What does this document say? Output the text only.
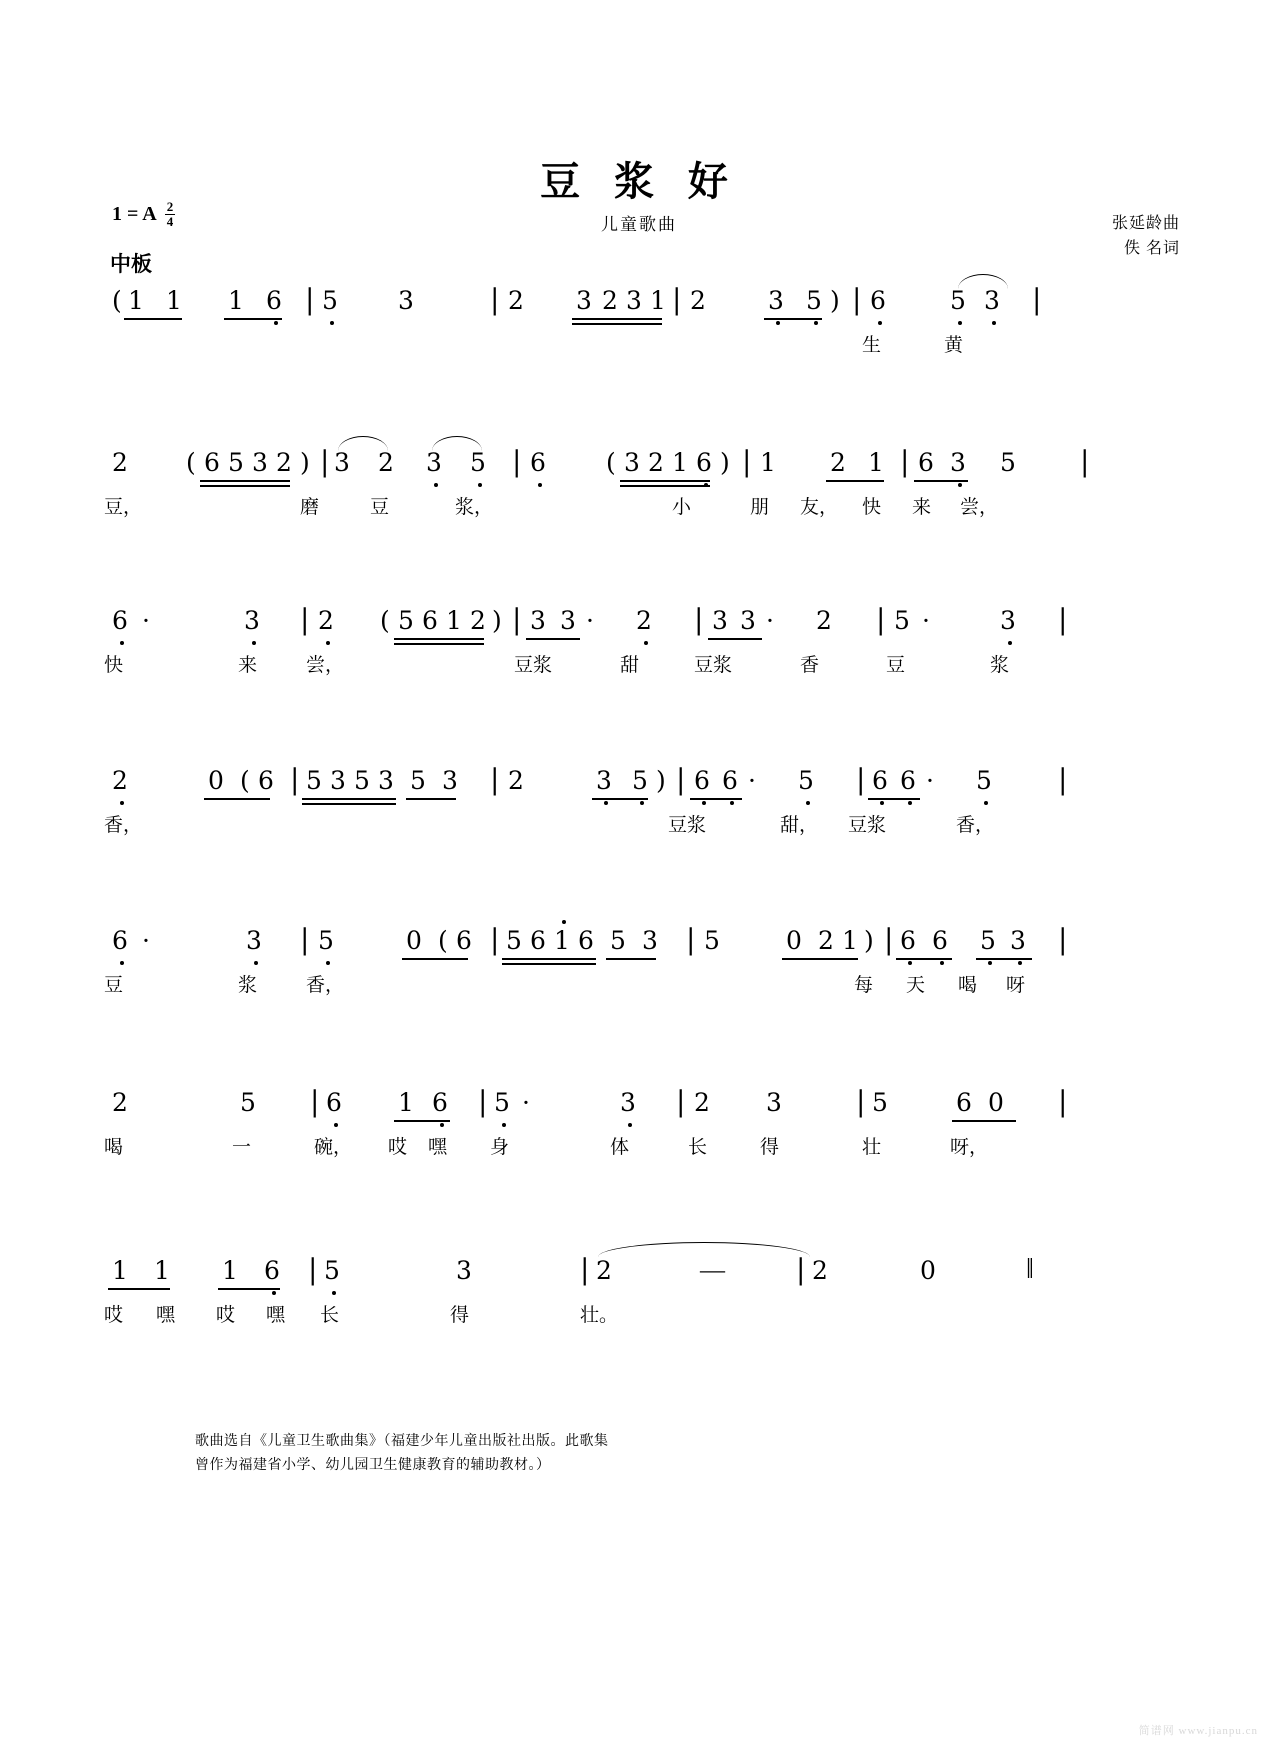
豆 浆 好
儿童歌曲
1 = A $\frac{2}{4}$
中板
张延龄曲
佚 名词
( 1 1 1 6 | 5 3	| 2 3 2 3 1 | 2 3 5 ) | 6	5 3 |
生	黄
2 ( 6 5 3 2 ) | 3 2 3 5 | 6 ( 3 2 1 6 ) | 1 2 1 | 6 3 5 |
豆，	磨	豆	浆，	小	朋 友， 快 来 尝，
6 ·	3 | 2 ( 5 6 1 2 ) | 3 3 · 2 | 3 3 · 2 | 5 ·	3 |
快	来	尝，	豆浆	甜	豆浆	香	豆	浆
2	0 ( 6 | 5 3 5 3 5 3 | 2	3 5 ) | 6 6 · 5 | 6 6 · 5 |
香，	豆浆	甜， 豆浆	香，
6 ·	3 | 5	0 ( 6 | 5 6 1 6 5 3 | 5	0 2 1 ) | 6 6 5 3 |
豆	浆	香，	每 天 喝 呀
2	5 | 6 1 6 | 5 ·	3 | 2 3	| 5	6 0 |
喝	一	碗， 哎 嘿 身	体	长	得	壮	呀，
1 1 1 6 | 5	3	| 2	—	| 2	0	‖
哎 嘿 哎 嘿 长	得	壮。
歌曲选自《儿童卫生歌曲集》（福建少年儿童出版社出版。此歌集曾作为福建省小学、幼儿园卫生健康教育的辅助教材。）
简谱网 www.jianpu.cn
